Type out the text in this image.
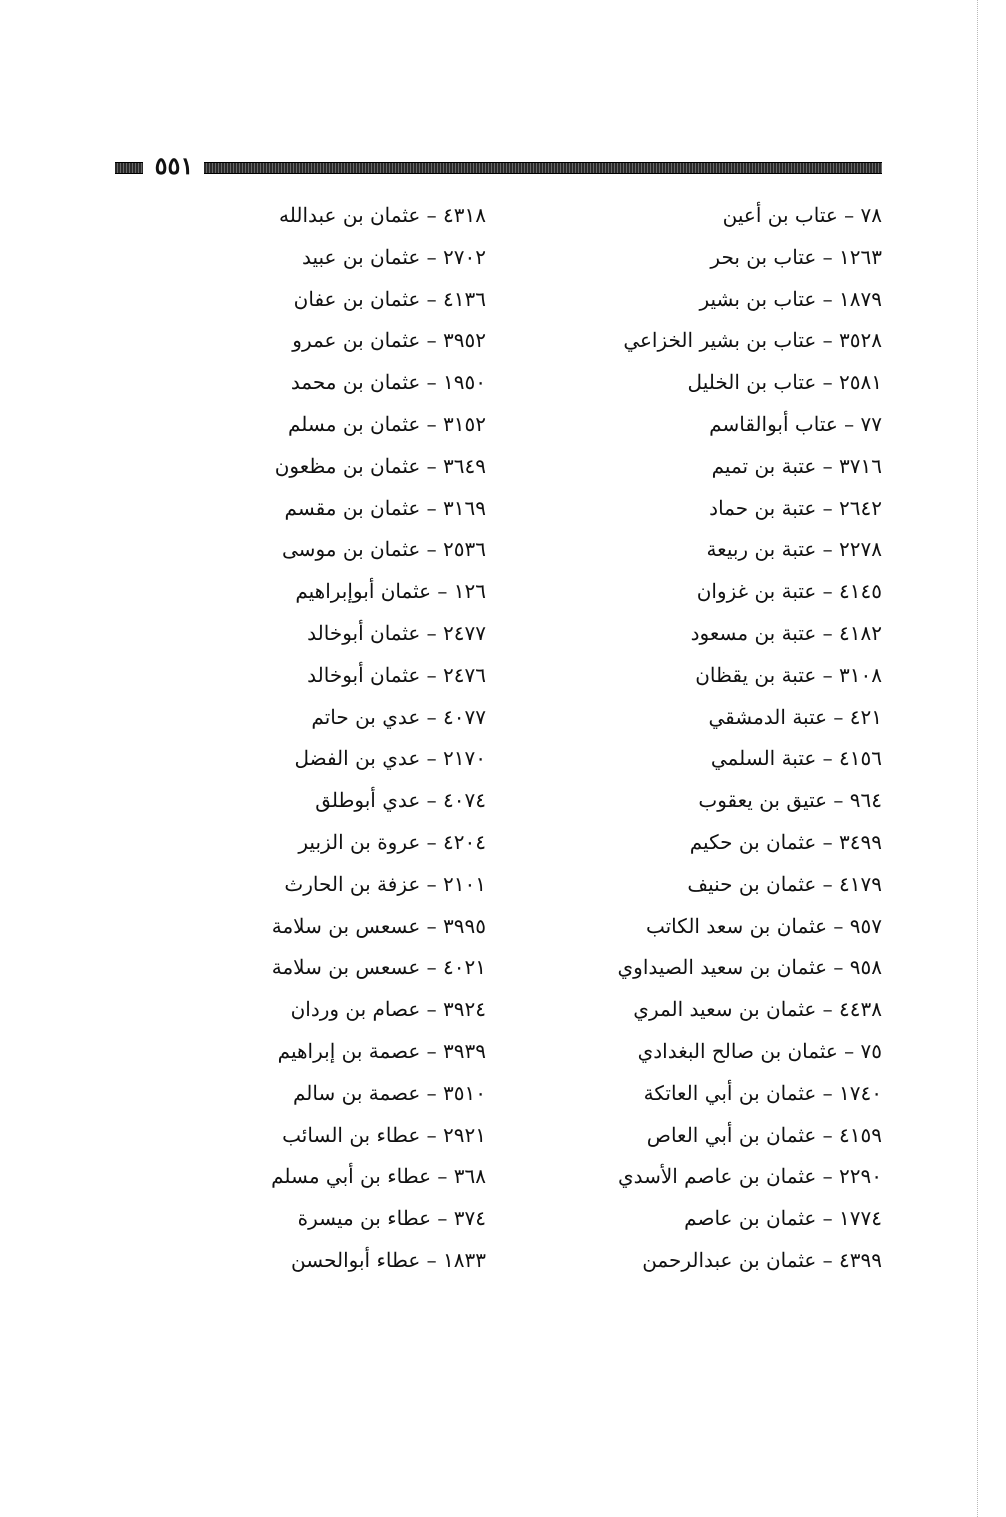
٥٥١
٧٨ – عتاب بن أعين
١٢٦٣ – عتاب بن بحر
١٨٧٩ – عتاب بن بشير
٣٥٢٨ – عتاب بن بشير الخزاعي
٢٥٨١ – عتاب بن الخليل
٧٧ – عتاب أبوالقاسم
٣٧١٦ – عتبة بن تميم
٢٦٤٢ – عتبة بن حماد
٢٢٧٨ – عتبة بن ربيعة
٤١٤٥ – عتبة بن غزوان
٤١٨٢ – عتبة بن مسعود
٣١٠٨ – عتبة بن يقظان
٤٢١ – عتبة الدمشقي
٤١٥٦ – عتبة السلمي
٩٦٤ – عتيق بن يعقوب
٣٤٩٩ – عثمان بن حكيم
٤١٧٩ – عثمان بن حنيف
٩٥٧ – عثمان بن سعد الكاتب
٩٥٨ – عثمان بن سعيد الصيداوي
٤٤٣٨ – عثمان بن سعيد المري
٧٥ – عثمان بن صالح البغدادي
١٧٤٠ – عثمان بن أبي العاتكة
٤١٥٩ – عثمان بن أبي العاص
٢٢٩٠ – عثمان بن عاصم الأسدي
١٧٧٤ – عثمان بن عاصم
٤٣٩٩ – عثمان بن عبدالرحمن
٤٣١٨ – عثمان بن عبدالله
٢٧٠٢ – عثمان بن عبيد
٤١٣٦ – عثمان بن عفان
٣٩٥٢ – عثمان بن عمرو
١٩٥٠ – عثمان بن محمد
٣١٥٢ – عثمان بن مسلم
٣٦٤٩ – عثمان بن مظعون
٣١٦٩ – عثمان بن مقسم
٢٥٣٦ – عثمان بن موسى
١٢٦ – عثمان أبوإبراهيم
٢٤٧٧ – عثمان أبوخالد
٢٤٧٦ – عثمان أبوخالد
٤٠٧٧ – عدي بن حاتم
٢١٧٠ – عدي بن الفضل
٤٠٧٤ – عدي أبوطلق
٤٢٠٤ – عروة بن الزبير
٢١٠١ – عزفة بن الحارث
٣٩٩٥ – عسعس بن سلامة
٤٠٢١ – عسعس بن سلامة
٣٩٢٤ – عصام بن وردان
٣٩٣٩ – عصمة بن إبراهيم
٣٥١٠ – عصمة بن سالم
٢٩٢١ – عطاء بن السائب
٣٦٨ – عطاء بن أبي مسلم
٣٧٤ – عطاء بن ميسرة
١٨٣٣ – عطاء أبوالحسن
